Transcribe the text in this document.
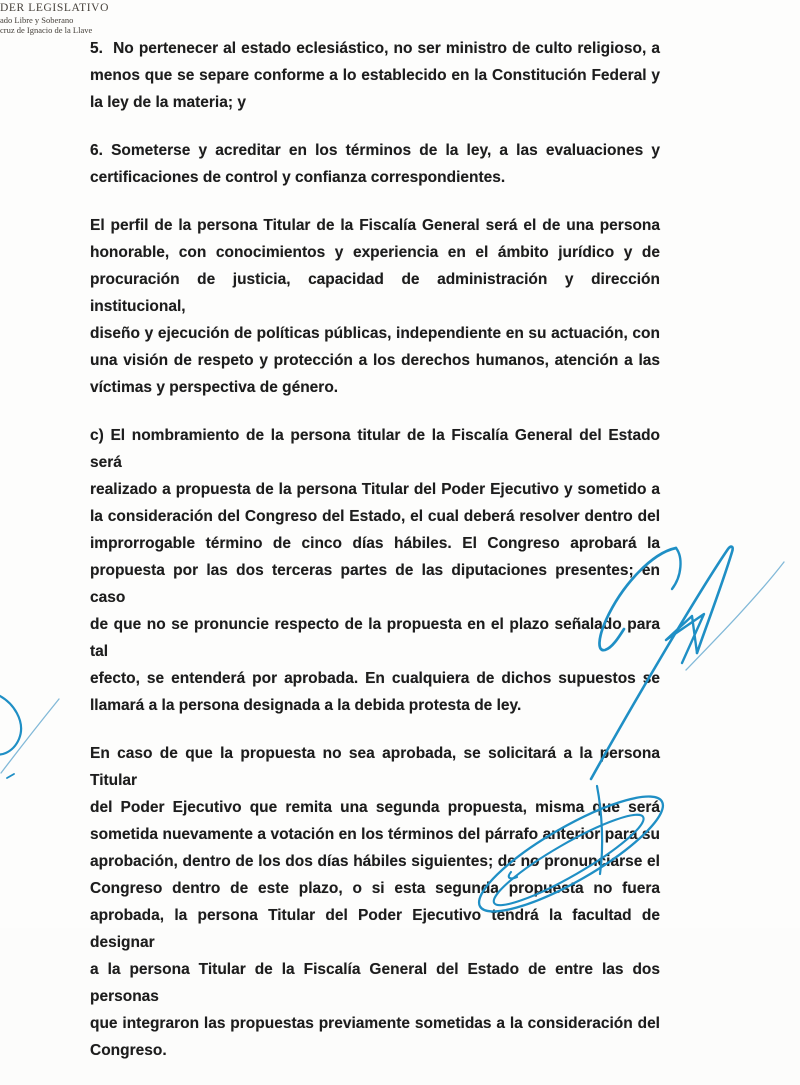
DER LEGISLATIVO
ado Libre y Soberano
cruz de Ignacio de la Llave

5.  No pertenecer al estado eclesiástico, no ser ministro de culto religioso, a
menos que se separe conforme a lo establecido en la Constitución Federal y
la ley de la materia; y

6. Someterse y acreditar en los términos de la ley, a las evaluaciones y
certificaciones de control y confianza correspondientes.

El perfil de la persona Titular de la Fiscalía General será el de una persona
honorable, con conocimientos y experiencia en el ámbito jurídico y de
procuración de justicia, capacidad de administración y dirección institucional,
diseño y ejecución de políticas públicas, independiente en su actuación, con
una visión de respeto y protección a los derechos humanos, atención a las
víctimas y perspectiva de género.

c) El nombramiento de la persona titular de la Fiscalía General del Estado será
realizado a propuesta de la persona Titular del Poder Ejecutivo y sometido a
la consideración del Congreso del Estado, el cual deberá resolver dentro del
improrrogable término de cinco días hábiles. El Congreso aprobará la
propuesta por las dos terceras partes de las diputaciones presentes; en caso
de que no se pronuncie respecto de la propuesta en el plazo señalado para tal
efecto, se entenderá por aprobada. En cualquiera de dichos supuestos se
llamará a la persona designada a la debida protesta de ley.

En caso de que la propuesta no sea aprobada, se solicitará a la persona Titular
del Poder Ejecutivo que remita una segunda propuesta, misma que será
sometida nuevamente a votación en los términos del párrafo anterior para su
aprobación, dentro de los dos días hábiles siguientes; de no pronunciarse el
Congreso dentro de este plazo, o si esta segunda propuesta no fuera
aprobada, la persona Titular del Poder Ejecutivo tendrá la facultad de designar
a la persona Titular de la Fiscalía General del Estado de entre las dos personas
que integraron las propuestas previamente sometidas a la consideración del
Congreso.
